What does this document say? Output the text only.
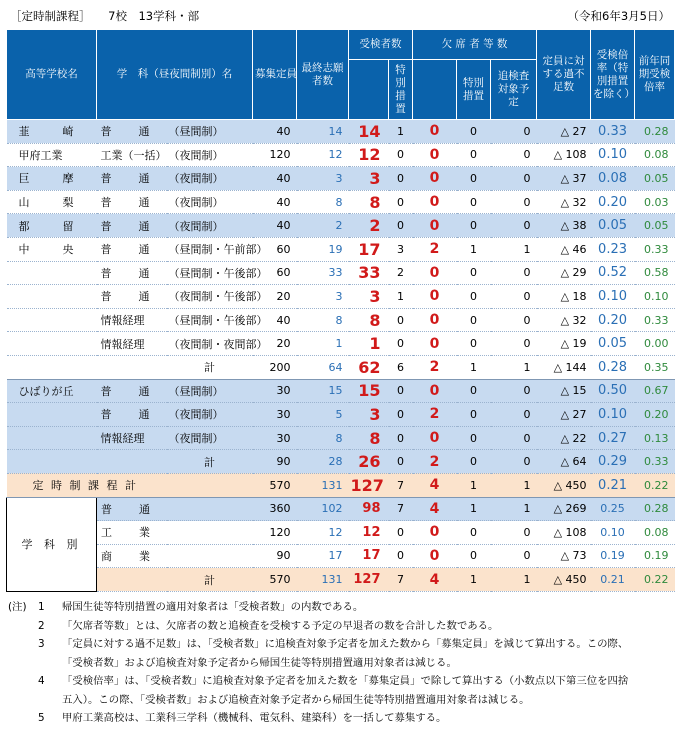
［定時制課程］ 7校　13学科・部	（令和6年3月5日）
高等学校名	学　科（昼夜間制別）名		募集定員	最終志願者数	受検者数		欠 席 者 等 数			定員に対する過不足数	受検倍率（特別措置を除く）	前年同期受検倍率
						特別措置		特別措置	追検査対象予定			
韮　崎	普　通	（昼間制）	40	14	14	1	0	0	0	△ 27	0.33	0.28
甲府工業	工業（一括）	（夜間制）	120	12	12	0	0	0	0	△ 108	0.10	0.08
巨　摩	普　通	（夜間制）	40	3	3	0	0	0	0	△ 37	0.08	0.05
山　梨	普　通	（夜間制）	40	8	8	0	0	0	0	△ 32	0.20	0.03
都　留	普　通	（夜間制）	40	2	2	0	0	0	0	△ 38	0.05	0.05
中　央	普　通	（昼間制・午前部）	60	19	17	3	2	1	1	△ 46	0.23	0.33
	普　通	（昼間制・午後部）	60	33	33	2	0	0	0	△ 29	0.52	0.58
	普　通	（夜間制・午後部）	20	3	3	1	0	0	0	△ 18	0.10	0.10
	情報経理	（昼間制・午後部）	40	8	8	0	0	0	0	△ 32	0.20	0.33
	情報経理	（夜間制・夜間部）	20	1	1	0	0	0	0	△ 19	0.05	0.00
		計	200	64	62	6	2	1	1	△ 144	0.28	0.35
ひばりが丘	普　通	（昼間制）	30	15	15	0	0	0	0	△ 15	0.50	0.67
	普　通	（夜間制）	30	5	3	0	2	0	0	△ 27	0.10	0.20
	情報経理	（夜間制）	30	8	8	0	0	0	0	△ 22	0.27	0.13
		計	90	28	26	0	2	0	0	△ 64	0.29	0.33
定 時 制 課 程 計			570	131	127	7	4	1	1	△ 450	0.21	0.22
学 科 別	普　通		360	102	98	7	4	1	1	△ 269	0.25	0.28
	工　業		120	12	12	0	0	0	0	△ 108	0.10	0.08
	商　業		90	17	17	0	0	0	0	△ 73	0.19	0.19
		計	570	131	127	7	4	1	1	△ 450	0.21	0.22
(注) 1 帰国生徒等特別措置の適用対象者は「受検者数」の内数である。
2 「欠席者等数」とは、欠席者の数と追検査を受検する予定の早退者の数を合計した数である。
3 「定員に対する過不足数」は、「受検者数」に追検査対象予定者を加えた数から「募集定員」を減じて算出する。この際、
「受検者数」および追検査対象予定者から帰国生徒等特別措置適用対象者は減じる。
4 「受検倍率」は、「受検者数」に追検査対象予定者を加えた数を「募集定員」で除して算出する（小数点以下第三位を四捨
五入）。この際、「受検者数」および追検査対象予定者から帰国生徒等特別措置適用対象者は減じる。
5 甲府工業高校は、工業科三学科（機械科、電気科、建築科）を一括して募集する。
